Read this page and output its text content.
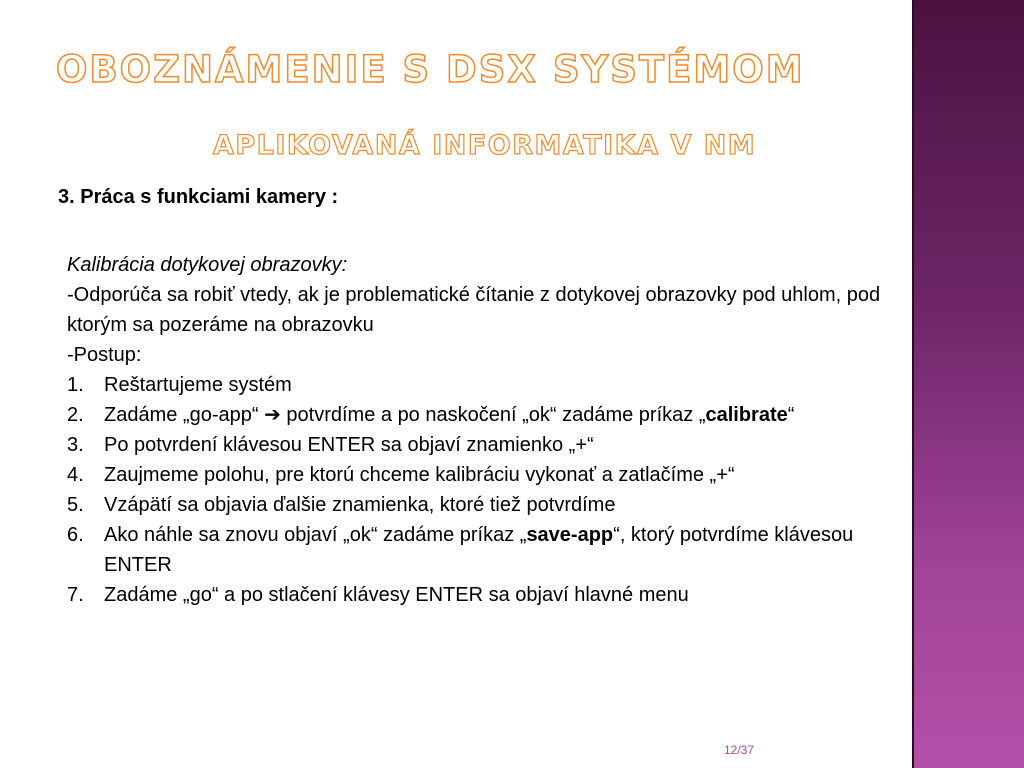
OBOZNÁMENIE S DSX SYSTÉMOM
APLIKOVANÁ INFORMATIKA V NM
3. Práca s funkciami kamery :

Kalibrácia dotykovej obrazovky:

-Odporúča sa robiť vtedy, ak je problematické čítanie z dotykovej obrazovky pod uhlom, pod ktorým sa pozeráme na obrazovku

-Postup:

1. Reštartujeme systém
2. Zadáme „go-app“ ➔ potvrdíme a po naskočení „ok“ zadáme príkaz „calibrate“
3. Po potvrdení klávesou ENTER sa objaví znamienko „+“
4. Zaujmeme polohu, pre ktorú chceme kalibráciu vykonať a zatlačíme „+“
5. Vzápätí sa objavia ďalšie znamienka, ktoré tiež potvrdíme
6. Ako náhle sa znovu objaví „ok“ zadáme príkaz „save-app“, ktorý potvrdíme klávesou ENTER
7. Zadáme „go“ a po stlačení klávesy ENTER sa objaví hlavné menu
12/37
